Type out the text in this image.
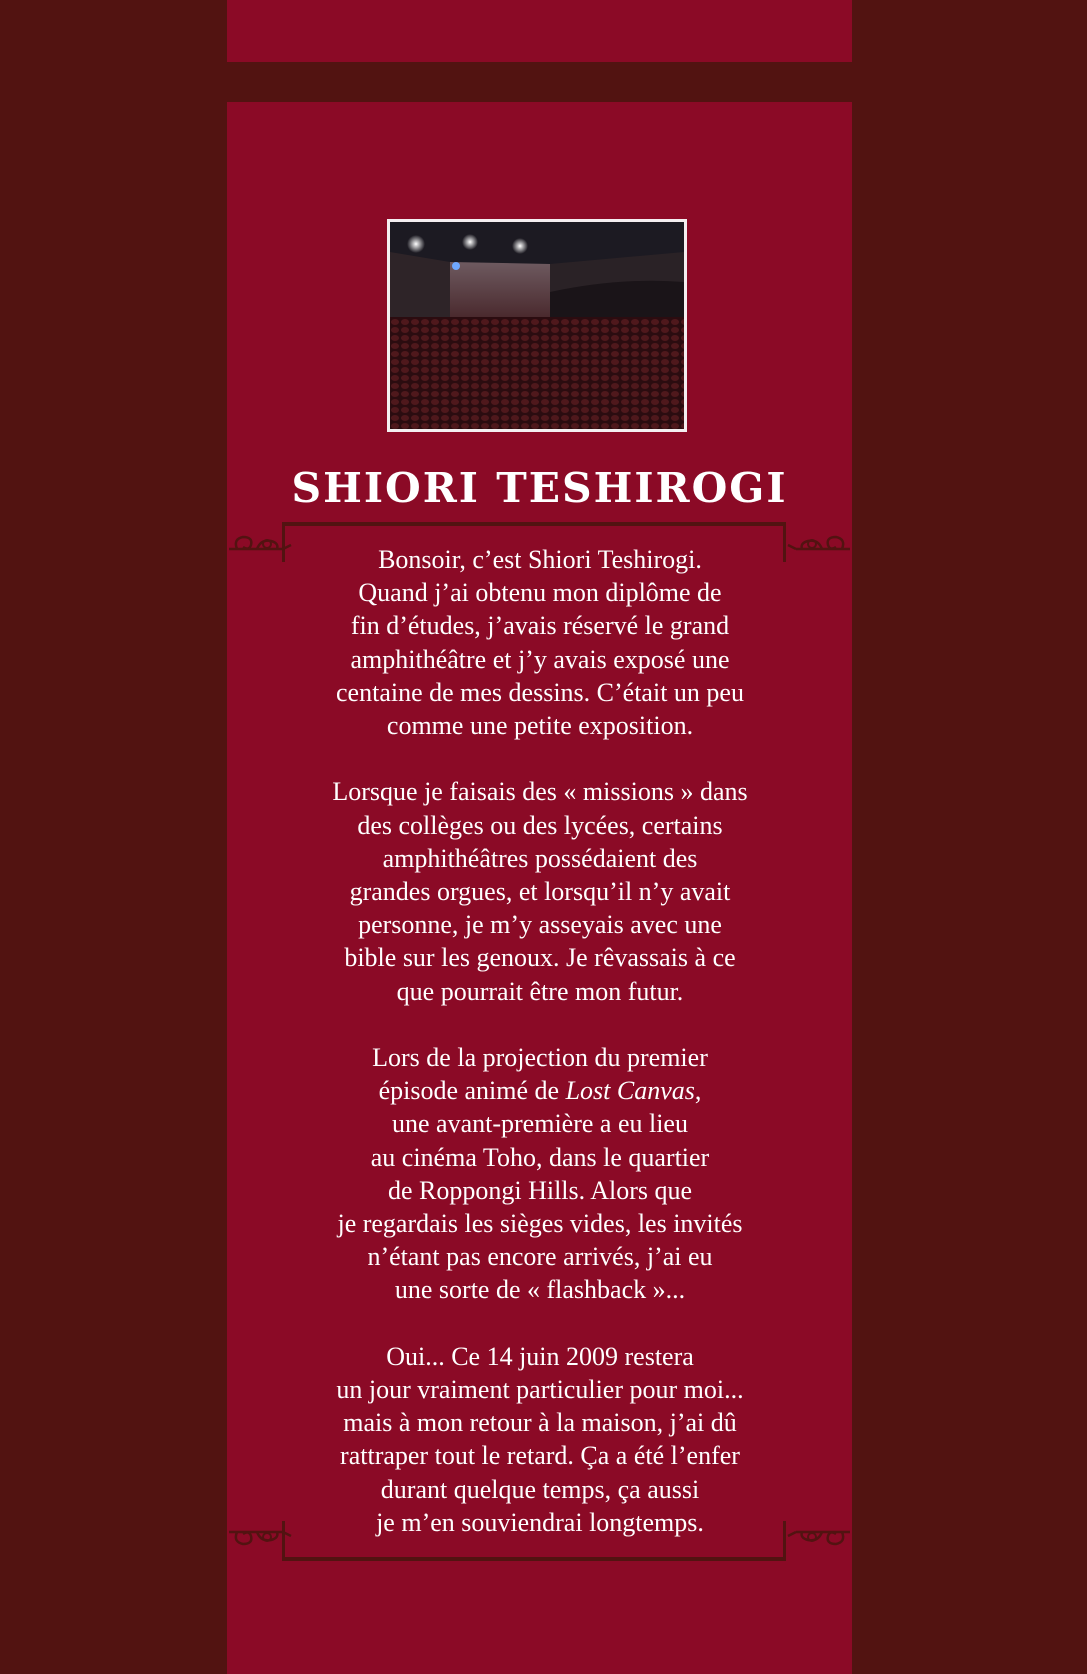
SHIORI TESHIROGI

Bonsoir, c’est Shiori Teshirogi.
Quand j’ai obtenu mon diplôme de
fin d’études, j’avais réservé le grand
amphithéâtre et j’y avais exposé une
centaine de mes dessins. C’était un peu
comme une petite exposition.

Lorsque je faisais des « missions » dans
des collèges ou des lycées, certains
amphithéâtres possédaient des
grandes orgues, et lorsqu’il n’y avait
personne, je m’y asseyais avec une
bible sur les genoux. Je rêvassais à ce
que pourrait être mon futur.

Lors de la projection du premier
épisode animé de Lost Canvas,
une avant-première a eu lieu
au cinéma Toho, dans le quartier
de Roppongi Hills. Alors que
je regardais les sièges vides, les invités
n’étant pas encore arrivés, j’ai eu
une sorte de « flashback »...

Oui... Ce 14 juin 2009 restera
un jour vraiment particulier pour moi...
mais à mon retour à la maison, j’ai dû
rattraper tout le retard. Ça a été l’enfer
durant quelque temps, ça aussi
je m’en souviendrai longtemps.
